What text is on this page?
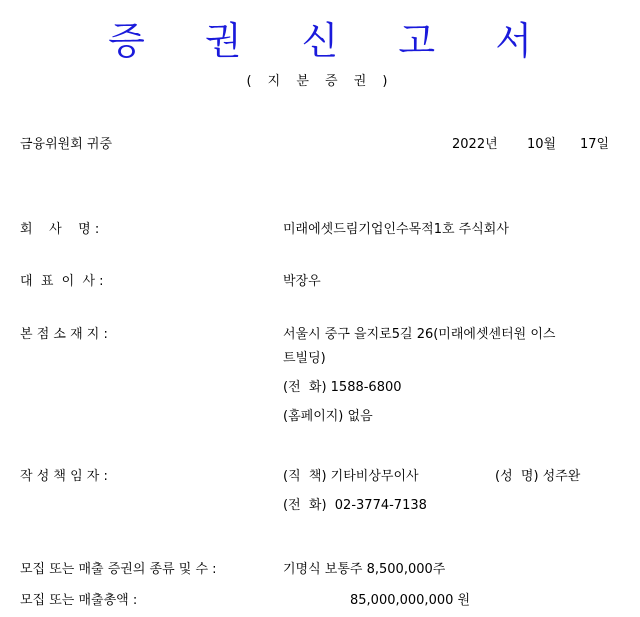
증 권 신 고 서
( 지 분 증 권 )
금융위원회 귀중	2022년 10월 17일
회    사    명 :	미래에셋드림기업인수목적1호 주식회사
대  표  이  사 :	박장우
본 점 소 재 지 :	서울시 중구 을지로5길 26(미래에셋센터원 이스
트빌딩)
(전  화) 1588-6800
(홈페이지) 없음
작 성 책 임 자 :	(직  책) 기타비상무이사	(성  명) 성주완
(전  화)  02-3774-7138
모집 또는 매출 증권의 종류 및 수 :	기명식 보통주 8,500,000주
모집 또는 매출총액 :	85,000,000,000 원
